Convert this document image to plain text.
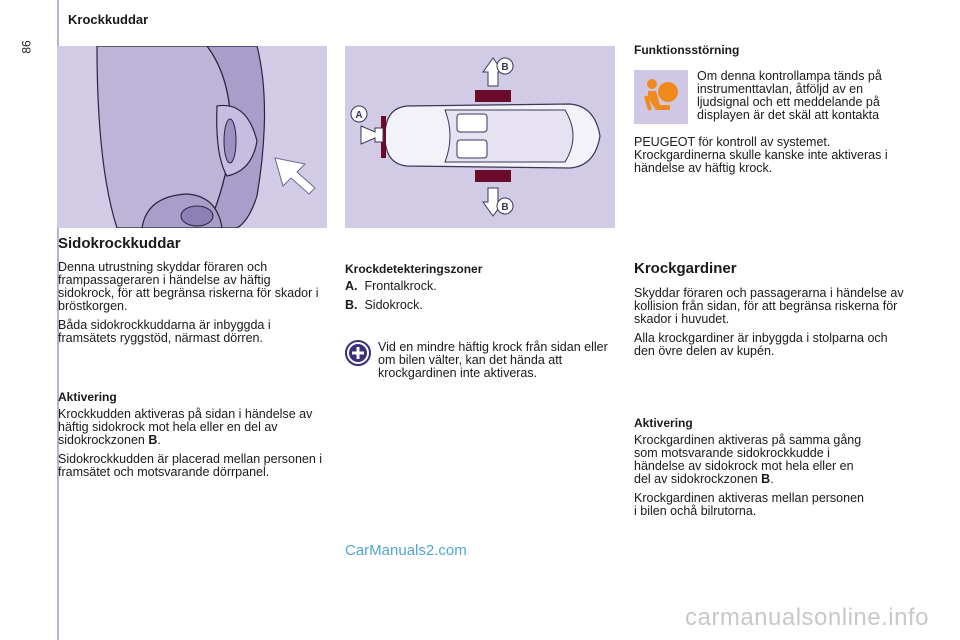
86
Krockkuddar
A
B
B
Sidokrockkuddar

Denna utrustning skyddar föraren och frampassageraren i händelse av häftig sidokrock, för att begränsa riskerna för skador i bröstkorgen.

Båda sidokrockkuddarna är inbyggda i framsätets ryggstöd, närmast dörren.

Aktivering

Krockkudden aktiveras på sidan i händelse av häftig sidokrock mot hela eller en del av sidokrockzonen B.

Sidokrockkudden är placerad mellan personen i framsätet och motsvarande dörrpanel.

Krockdetekteringszoner

A. Frontalkrock.

B. Sidokrock.

Vid en mindre häftig krock från sidan eller om bilen välter, kan det hända att krockgardinen inte aktiveras.
Funktionsstörning
Om denna kontrollampa tänds på instrumenttavlan, åtföljd av en ljudsignal och ett meddelande på displayen är det skäl att kontakta
PEUGEOT för kontroll av systemet. Krockgardinerna skulle kanske inte aktiveras i händelse av häftig krock.
Krockgardiner

Skyddar föraren och passagerarna i händelse av kollision från sidan, för att begränsa riskerna för skador i huvudet.

Alla krockgardiner är inbyggda i stolparna och den övre delen av kupén.

Aktivering

Krockgardinen aktiveras på samma gång som motsvarande sidokrockkudde i händelse av sidokrock mot hela eller en del av sidokrockzonen B.

Krockgardinen aktiveras mellan personen i bilen ochå bilrutorna.

CarManuals2.com
carmanualsonline.info
